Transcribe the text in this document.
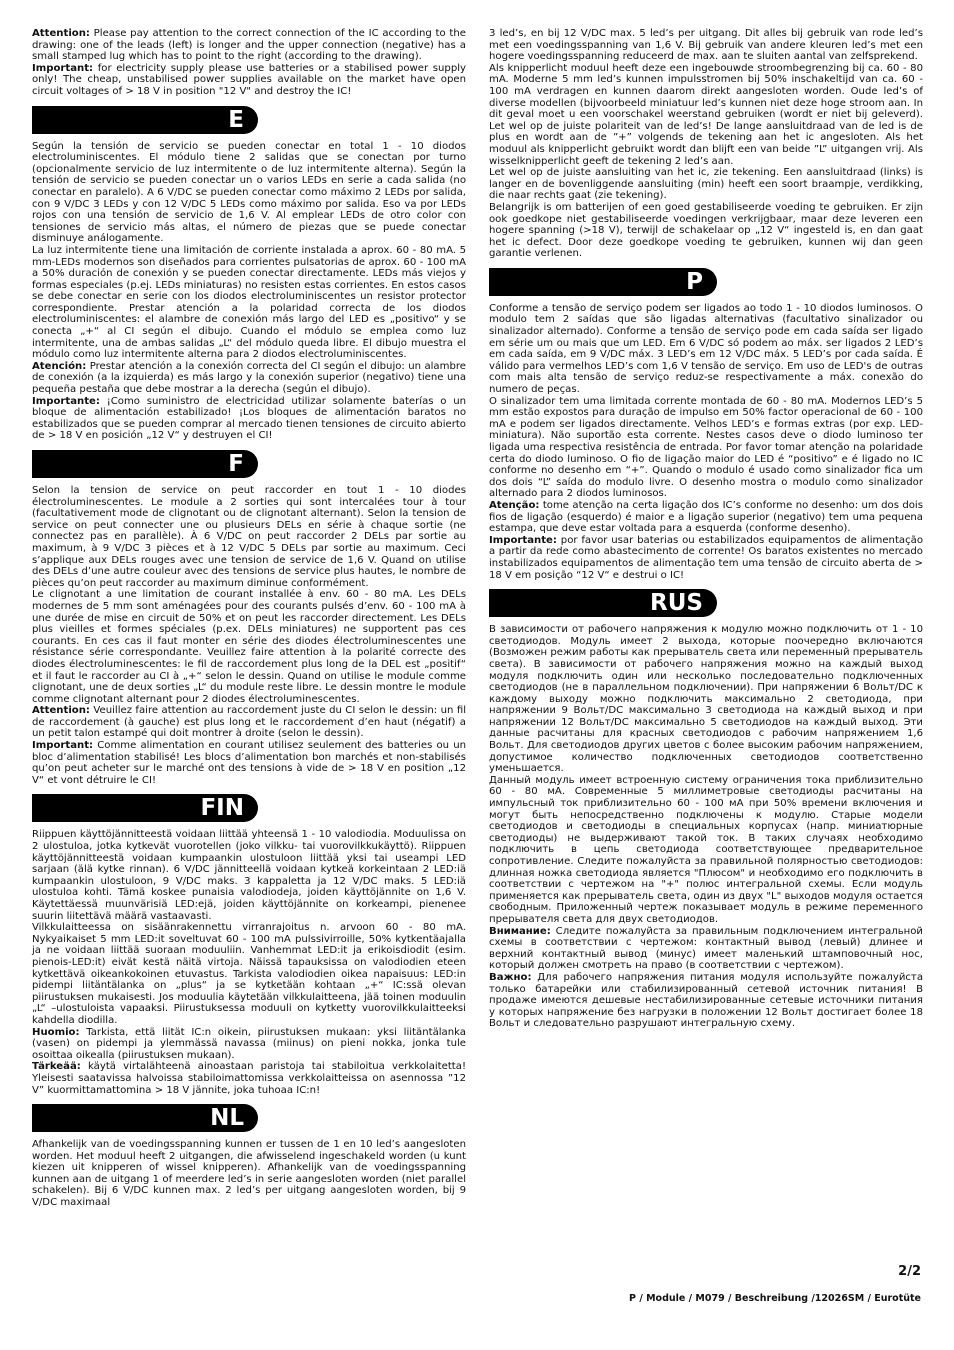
Attention: Please pay attention to the correct connection of the IC according to the drawing: one of the leads (left) is longer and the upper connection (negative) has a small stamped lug which has to point to the right (according to the drawing).

Important: for electricity supply please use batteries or a stabilised power supply only! The cheap, unstabilised power supplies available on the market have open circuit voltages of > 18 V in position "12 V" and destroy the IC!

E

Según la tensión de servicio se pueden conectar en total 1 - 10 diodos electroluminiscentes. El módulo tiene 2 salidas que se conectan por turno (opcionalmente servicio de luz intermitente o de luz intermitente alterna). Según la tensión de servicio se pueden conectar un o varios LEDs en serie a cada salida (no conectar en paralelo). A 6 V/DC se pueden conectar como máximo 2 LEDs por salida, con 9 V/DC 3 LEDs y con 12 V/DC 5 LEDs como máximo por salida. Eso va por LEDs rojos con una tensión de servicio de 1,6 V. Al emplear LEDs de otro color con tensiones de servicio más altas, el número de piezas que se puede conectar disminuye análogamente.

La luz intermitente tiene una limitación de corriente instalada a aprox. 60 - 80 mA. 5 mm-LEDs modernos son diseñados para corrientes pulsatorias de aprox. 60 - 100 mA a 50% duración de conexión y se pueden conectar directamente. LEDs más viejos y formas especiales (p.ej. LEDs miniaturas) no resisten estas corrientes. En estos casos se debe conectar en serie con los diodos electroluminiscentes un resistor protector correspondiente. Prestar atención a la polaridad correcta de los diodos electroluminiscentes: el alambre de conexión más largo del LED es „positivo“ y se conecta „+“ al CI según el dibujo. Cuando el módulo se emplea como luz intermitente, una de ambas salidas „L“ del módulo queda libre. El dibujo muestra el módulo como luz intermitente alterna para 2 diodos electroluminiscentes.

Atención: Prestar atención a la conexión correcta del CI según el dibujo: un alambre de conexión (a la izquierda) es más largo y la conexión superior (negativo) tiene una pequeña pestaña que debe mostrar a la derecha (según el dibujo).

Importante: ¡Como suministro de electricidad utilizar solamente baterías o un bloque de alimentación estabilizado! ¡Los bloques de alimentación baratos no estabilizados que se pueden comprar al mercado tienen tensiones de circuito abierto de > 18 V en posición „12 V“ y destruyen el CI!

F

Selon la tension de service on peut raccorder en tout 1 - 10 diodes électroluminescentes. Le module a 2 sorties qui sont intercalées tour à tour (facultativement mode de clignotant ou de clignotant alternant). Selon la tension de service on peut connecter une ou plusieurs DELs en série à chaque sortie (ne connectez pas en parallèle). À 6 V/DC on peut raccorder 2 DELs par sortie au maximum, à 9 V/DC 3 pièces et à 12 V/DC 5 DELs par sortie au maximum. Ceci s’applique aux DELs rouges avec une tension de service de 1,6 V. Quand on utilise des DELs d’une autre couleur avec des tensions de service plus hautes, le nombre de pièces qu’on peut raccorder au maximum diminue conformément.

Le clignotant a une limitation de courant installée à env. 60 - 80 mA. Les DELs modernes de 5 mm sont aménagées pour des courants pulsés d’env. 60 - 100 mA à une durée de mise en circuit de 50% et on peut les raccorder directement. Les DELs plus vieilles et formes spéciales (p.ex. DELs miniatures) ne supportent pas ces courants. En ces cas il faut monter en série des diodes électroluminescentes une résistance série correspondante. Veuillez faire attention à la polarité correcte des diodes électroluminescentes: le fil de raccordement plus long de la DEL est „positif“ et il faut le raccorder au CI à „+“ selon le dessin. Quand on utilise le module comme clignotant, une de deux sorties „L“ du module reste libre. Le dessin montre le module comme clignotant alternant pour 2 diodes électroluminescentes.

Attention: Veuillez faire attention au raccordement juste du CI selon le dessin: un fil de raccordement (à gauche) est plus long et le raccordement d’en haut (négatif) a un petit talon estampé qui doit montrer à droite (selon le dessin).

Important: Comme alimentation en courant utilisez seulement des batteries ou un bloc d’alimentation stabilisé! Les blocs d’alimentation bon marchés et non-stabilisés qu’on peut acheter sur le marché ont des tensions à vide de > 18 V en position „12 V“ et vont détruire le CI!

FIN

Riippuen käyttöjännitteestä voidaan liittää yhteensä 1 - 10 valodiodia. Moduulissa on 2 ulostuloa, jotka kytkevät vuorotellen (joko vilkku- tai vuorovilkkukäyttö). Riippuen käyttöjännitteestä voidaan kumpaankin ulostuloon liittää yksi tai useampi LED sarjaan (älä kytke rinnan). 6 V/DC jännitteellä voidaan kytkeä korkeintaan 2 LED:iä kumpaankin ulostuloon, 9 V/DC maks. 3 kappaletta ja 12 V/DC maks. 5 LED:iä ulostuloa kohti. Tämä koskee punaisia valodiodeja, joiden käyttöjännite on 1,6 V. Käytettäessä muunvärisiä LED:ejä, joiden käyttöjännite on korkeampi, pienenee suurin liitettävä määrä vastaavasti.

Vilkkulaitteessa on sisäänrakennettu virranrajoitus n. arvoon 60 - 80 mA. Nykyaikaiset 5 mm LED:it soveltuvat 60 - 100 mA pulssivirroille, 50% kytkentäajalla ja ne voidaan liittää suoraan moduuliin. Vanhemmat LED:it ja erikoisdiodit (esim. pienois-LED:it) eivät kestä näitä virtoja. Näissä tapauksissa on valodiodien eteen kytkettävä oikeankokoinen etuvastus. Tarkista valodiodien oikea napaisuus: LED:in pidempi liitäntälanka on „plus“ ja se kytketään kohtaan „+“ IC:ssä olevan piirustuksen mukaisesti. Jos moduulia käytetään vilkkulaitteena, jää toinen moduulin „L“ –ulostuloista vapaaksi. Piirustuksessa moduuli on kytketty vuorovilkkulaitteeksi kahdella diodilla.

Huomio: Tarkista, että liität IC:n oikein, piirustuksen mukaan: yksi liitäntälanka (vasen) on pidempi ja ylemmässä navassa (miinus) on pieni nokka, jonka tule osoittaa oikealla (piirustuksen mukaan).

Tärkeää: käytä virtalähteenä ainoastaan paristoja tai stabiloitua verkkolaitetta! Yleisesti saatavissa halvoissa stabiloimattomissa verkkolaitteissa on asennossa ”12 V” kuormittamattomina > 18 V jännite, joka tuhoaa IC:n!

NL

Afhankelijk van de voedingsspanning kunnen er tussen de 1 en 10 led’s aangesloten worden. Het moduul heeft 2 uitgangen, die afwisselend ingeschakeld worden (u kunt kiezen uit knipperen of wissel knipperen). Afhankelijk van de voedingsspanning kunnen aan de uitgang 1 of meerdere led’s in serie aangesloten worden (niet parallel schakelen). Bij 6 V/DC kunnen max. 2 led’s per uitgang aangesloten worden, bij 9 V/DC maximaal

3 led’s, en bij 12 V/DC max. 5 led’s per uitgang. Dit alles bij gebruik van rode led’s met een voedingsspanning van 1,6 V. Bij gebruik van andere kleuren led’s met een hogere voedingsspanning reduceerd de max. aan te sluiten aantal van zelfsprekend.

Als knipperlicht moduul heeft deze een ingebouwde stroombegrenzing bij ca. 60 - 80 mA. Moderne 5 mm led’s kunnen impulsstromen bij 50% inschakeltijd van ca. 60 - 100 mA verdragen en kunnen daarom direkt aangesloten worden. Oude led’s of diverse modellen (bijvoorbeeld miniatuur led’s kunnen niet deze hoge stroom aan. In dit geval moet u een voorschakel weerstand gebruiken (wordt er niet bij geleverd). Let wel op de juiste polariteit van de led’s! De lange aansluitdraad van de led is de plus en wordt aan de ”+” volgends de tekening aan het ic angesloten. Als het moduul als knipperlicht gebruikt wordt dan blijft een van beide ”L” uitgangen vrij. Als wisselknipperlicht geeft de tekening 2 led’s aan.

Let wel op de juiste aansluiting van het ic, zie tekening. Een aansluitdraad (links) is langer en de bovenliggende aansluiting (min) heeft een soort braampje, verdikking, die naar rechts gaat (zie tekening).

Belangrijk is om batterijen of een goed gestabiliseerde voeding te gebruiken. Er zijn ook goedkope niet gestabiliseerde voedingen verkrijgbaar, maar deze leveren een hogere spanning (>18 V), terwijl de schakelaar op „12 V“ ingesteld is, en dan gaat het ic defect. Door deze goedkope voeding te gebruiken, kunnen wij dan geen garantie verlenen.

P

Conforme a tensão de serviço podem ser ligados ao todo 1 - 10 diodos luminosos. O modulo tem 2 saídas que são ligadas alternativas (facultativo sinalizador ou sinalizador alternado). Conforme a tensão de serviço pode em cada saída ser ligado em série um ou mais que um LED. Em 6 V/DC só podem ao máx. ser ligados 2 LED’s em cada saída, em 9 V/DC máx. 3 LED’s em 12 V/DC máx. 5 LED’s por cada saída. É válido para vermelhos LED’s com 1,6 V tensão de serviço. Em uso de LED's de outras com mais alta tensão de serviço reduz-se respectivamente a máx. conexão do numero de peças.

O sinalizador tem uma limitada corrente montada de 60 - 80 mA. Modernos LED’s 5 mm estão expostos para duração de impulso em 50% factor operacional de 60 - 100 mA e podem ser ligados directamente. Velhos LED’s e formas extras (por exp. LED-miniatura). Não suportão esta corrente. Nestes casos deve o diodo luminoso ter ligada uma respectiva resistência de entrada. Por favor tomar atenção na polaridade certa do diodo luminoso. O fio de ligação maior do LED é “positivo” e é ligado no IC conforme no desenho em “+”. Quando o modulo é usado como sinalizador fica um dos dois “L” saída do modulo livre. O desenho mostra o modulo como sinalizador alternado para 2 diodos luminosos.

Atenção: tome atenção na certa ligação dos IC’s conforme no desenho: um dos dois fios de ligação (esquerdo) é maior e a ligação superior (negativo) tem uma pequena estampa, que deve estar voltada para a esquerda (conforme desenho).

Importante: por favor usar baterias ou estabilizados equipamentos de alimentação a partir da rede como abastecimento de corrente! Os baratos existentes no mercado instabilizados equipamentos de alimentação tem uma tensão de circuito aberta de > 18 V em posição “12 V“ e destrui o IC!

RUS

В зависимости от рабочего напряжения к модулю можно подключить от 1 - 10 светодиодов. Модуль имеет 2 выхода, которые поочередно включаются (Возможен режим работы как прерыватель света или переменный прерыватель света). В зависимости от рабочего напряжения можно на каждый выход модуля подключить один или несколько последовательно подключенных светодиодов (не в параллельном подключении). При напряжении 6 Вольт/DC к каждому выходу можно подключить максимально 2 светодиода, при напряжении 9 Вольт/DC максимально 3 светодиода на каждый выход и при напряжении 12 Вольт/DC максимально 5 светодиодов на каждый выход. Эти данные расчитаны для красных светодиодов с рабочим напряжением 1,6 Вольт. Для светодиодов других цветов с более высоким рабочим напряжением, допустимое количество подключенных светодиодов соответственно уменьшается.

Данный модуль имеет встроенную систему ограничения тока приблизительно 60 - 80 мА. Современные 5 миллиметровые светодиоды расчитаны на импульсный ток приблизительно 60 - 100 мА при 50% времени включения и могут быть непосредственно подключены к модулю. Старые модели светодиодов и светодиоды в специальных корпусах (напр. миниатюрные светодиоды) не выдерживают такой ток. В таких случаях необходимо подключить в цепь светодиода соответствующее предварительное сопротивление. Следите пожалуйста за правильной полярностью светодиодов: длинная ножка светодиода является "Плюсом" и необходимо его подключить в соответствии с чертежом на "+" полюс интегральной схемы. Если модуль применяется как прерыватель света, один из двух "L" выходов модуля остается свободным. Приложенный чертеж показывает модуль в режиме переменного прерывателя света для двух светодиодов.

Внимание: Следите пожалуйста за правильным подключением интегральной схемы в соответствии с чертежом: контактный вывод (левый) длинее и верхний контактный вывод (минус) имеет маленький штамповочный нос, который должен смотреть на право (в соответствии с чертежом).

Важно: Для рабочего напряжения питания модуля используйте пожалуйста только батарейки или стабилизированный сетевой источник питания! В продаже имеются дешевые нестабилизированные сетевые источники питания у которых напряжение без нагрузки в положении 12 Вольт достигает более 18 Вольт и следовательно разрушают интегральную схему.

2/2
P / Module / M079 / Beschreibung /12026SM / Eurotüte
